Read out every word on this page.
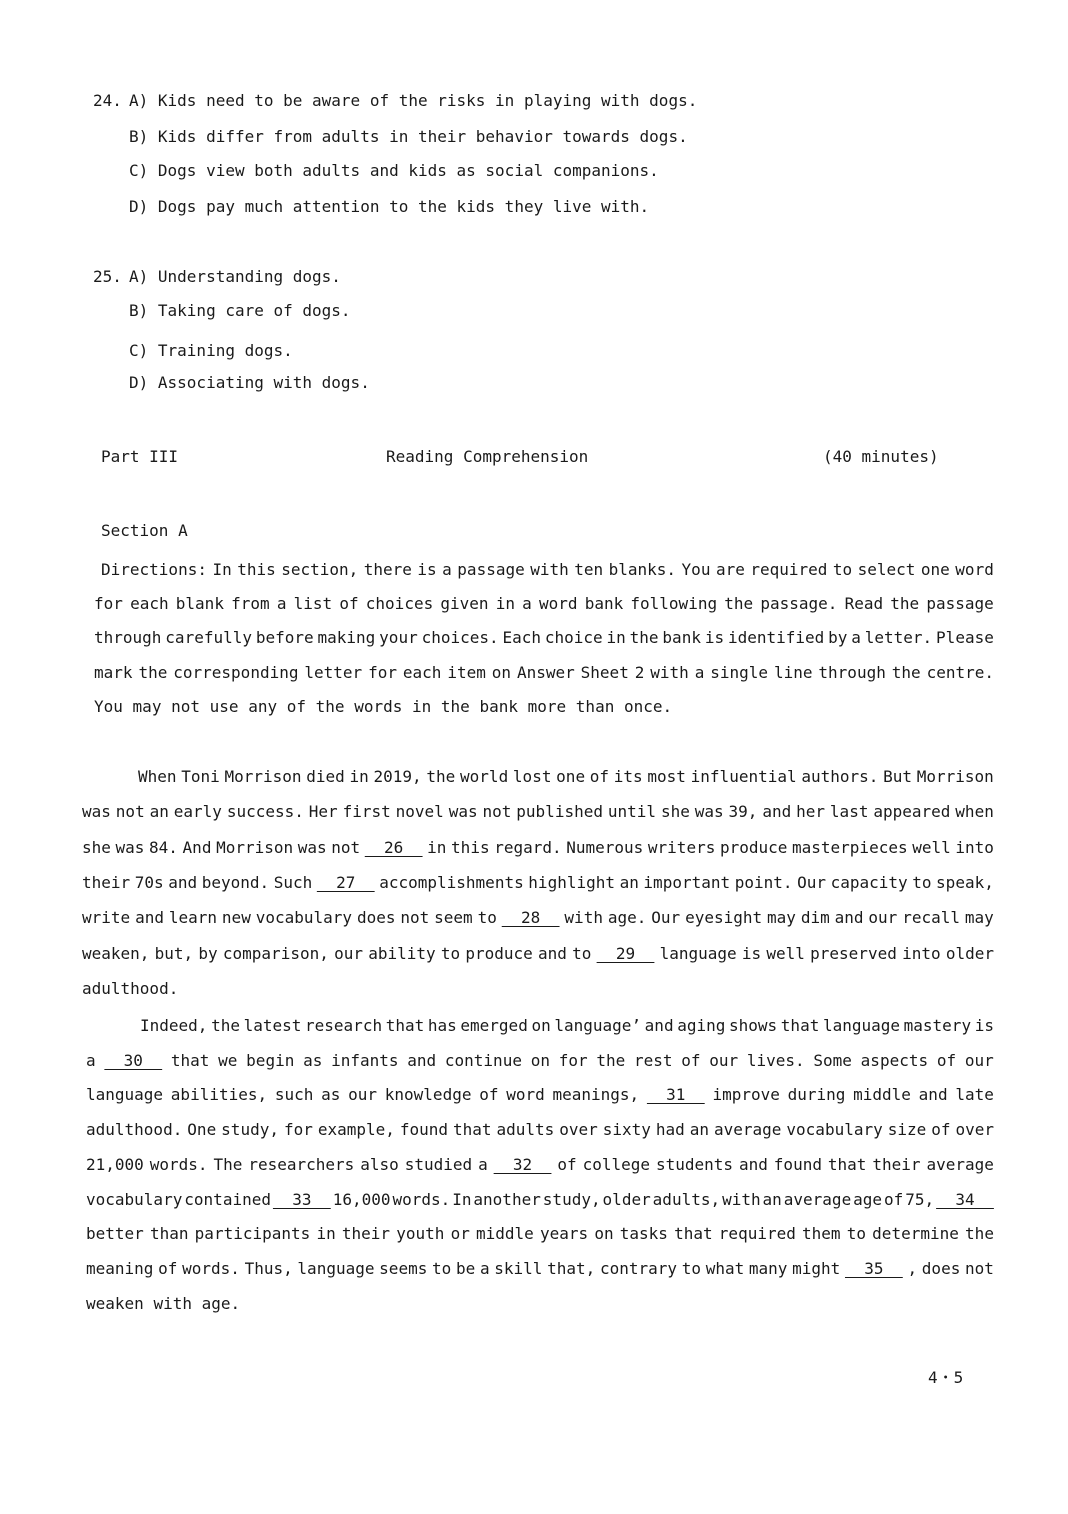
24. A) Kids need to be aware of the risks in playing with dogs.
B) Kids differ from adults in their behavior towards dogs.
C) Dogs view both adults and kids as social companions.
D) Dogs pay much attention to the kids they live with.
25. A) Understanding dogs.
B) Taking care of dogs.
C) Training dogs.
D) Associating with dogs.
Part III	Reading Comprehension	(40 minutes)
Section A
Directions: In this section, there is a passage with ten blanks. You are required to select one word
for each blank from a list of choices given in a word bank following the passage. Read the passage
through carefully before making your choices. Each choice in the bank is identified by a letter. Please
mark the corresponding letter for each item on Answer Sheet 2 with a single line through the centre.
You may not use any of the words in the bank more than once.
When Toni Morrison died in 2019, the world lost one of its most influential authors. But Morrison
was not an early success. Her first novel was not published until she was 39, and her last appeared when
she was 84. And Morrison was not 26 in this regard. Numerous writers produce masterpieces well into
their 70s and beyond. Such 27 accomplishments highlight an important point. Our capacity to speak,
write and learn new vocabulary does not seem to 28 with age. Our eyesight may dim and our recall may
weaken, but, by comparison, our ability to produce and to 29 language is well preserved into older
adulthood.
Indeed, the latest research that has emerged on language’ and aging shows that language mastery is
a 30 that we begin as infants and continue on for the rest of our lives. Some aspects of our
language abilities, such as our knowledge of word meanings, 31 improve during middle and late
adulthood. One study, for example, found that adults over sixty had an average vocabulary size of over
21,000 words. The researchers also studied a 32 of college students and found that their average
vocabulary contained 33 16,000 words. In another study, older adults, with an average age of 75, 34
better than participants in their youth or middle years on tasks that required them to determine the
meaning of words. Thus, language seems to be a skill that, contrary to what many might 35 , does not
weaken with age.
4・5
